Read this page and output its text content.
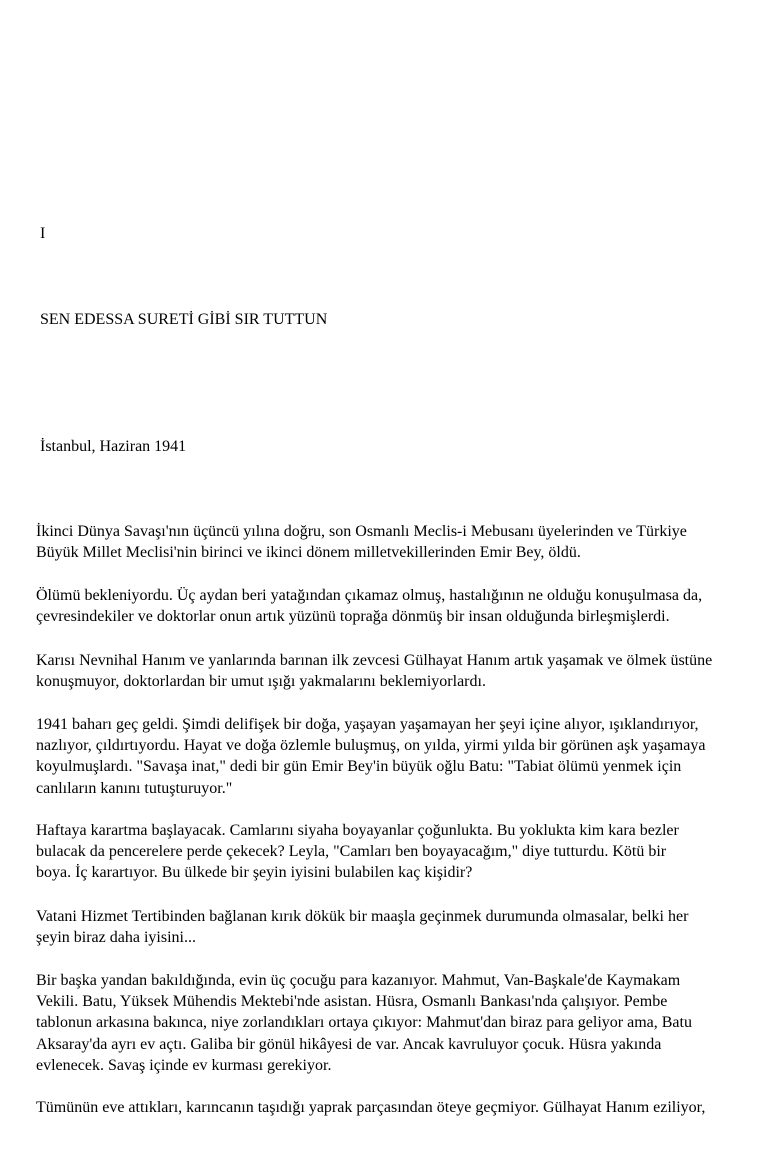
I
SEN EDESSA SURETİ GİBİ SIR TUTTUN
İstanbul, Haziran 1941

İkinci Dünya Savaşı'nın üçüncü yılına doğru, son Osmanlı Meclis-i Mebusanı üyelerinden ve Türkiye
Büyük Millet Meclisi'nin birinci ve ikinci dönem milletvekillerinden Emir Bey, öldü.

Ölümü bekleniyordu. Üç aydan beri yatağından çıkamaz olmuş, hastalığının ne olduğu konuşulmasa da,
çevresindekiler ve doktorlar onun artık yüzünü toprağa dönmüş bir insan olduğunda birleşmişlerdi.

Karısı Nevnihal Hanım ve yanlarında barınan ilk zevcesi Gülhayat Hanım artık yaşamak ve ölmek üstüne
konuşmuyor, doktorlardan bir umut ışığı yakmalarını beklemiyorlardı.

1941 baharı geç geldi. Şimdi delifişek bir doğa, yaşayan yaşamayan her şeyi içine alıyor, ışıklandırıyor,
nazlıyor, çıldırtıyordu. Hayat ve doğa özlemle buluşmuş, on yılda, yirmi yılda bir görünen aşk yaşamaya
koyulmuşlardı. "Savaşa inat," dedi bir gün Emir Bey'in büyük oğlu Batu: "Tabiat ölümü yenmek için
canlıların kanını tutuşturuyor."

Haftaya karartma başlayacak. Camlarını siyaha boyayanlar çoğunlukta. Bu yoklukta kim kara bezler
bulacak da pencerelere perde çekecek? Leyla, "Camları ben boyayacağım," diye tutturdu. Kötü bir
boya. İç karartıyor. Bu ülkede bir şeyin iyisini bulabilen kaç kişidir?

Vatani Hizmet Tertibinden bağlanan kırık dökük bir maaşla geçinmek durumunda olmasalar, belki her
şeyin biraz daha iyisini...

Bir başka yandan bakıldığında, evin üç çocuğu para kazanıyor. Mahmut, Van-Başkale'de Kaymakam
Vekili. Batu, Yüksek Mühendis Mektebi'nde asistan. Hüsra, Osmanlı Bankası'nda çalışıyor. Pembe
tablonun arkasına bakınca, niye zorlandıkları ortaya çıkıyor: Mahmut'dan biraz para geliyor ama, Batu
Aksaray'da ayrı ev açtı. Galiba bir gönül hikâyesi de var. Ancak kavruluyor çocuk. Hüsra yakında
evlenecek. Savaş içinde ev kurması gerekiyor.

Tümünün eve attıkları, karıncanın taşıdığı yaprak parçasından öteye geçmiyor. Gülhayat Hanım eziliyor,
